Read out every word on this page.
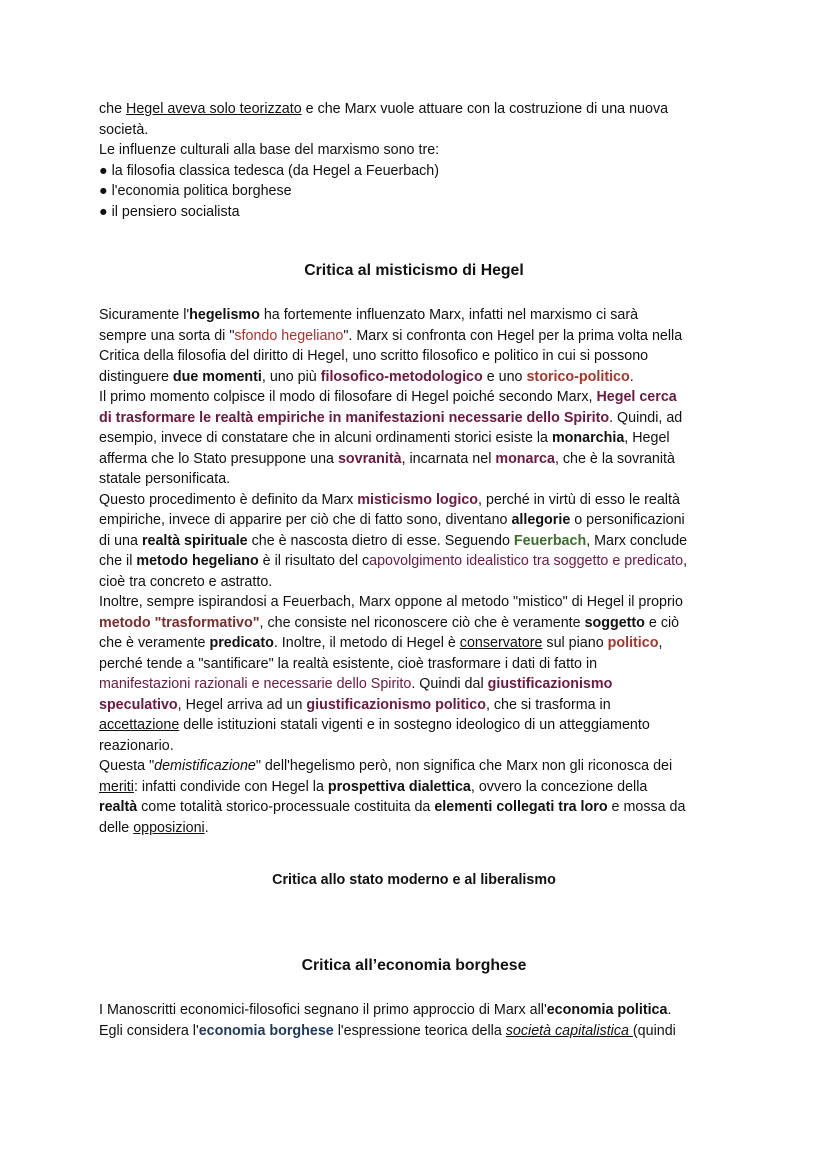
che Hegel aveva solo teorizzato e che Marx vuole attuare con la costruzione di una nuova
società.
Le influenze culturali alla base del marxismo sono tre:
● la filosofia classica tedesca (da Hegel a Feuerbach)
● l'economia politica borghese
● il pensiero socialista
Critica al misticismo di Hegel
Sicuramente l'hegelismo ha fortemente influenzato Marx, infatti nel marxismo ci sarà
sempre una sorta di "sfondo hegeliano". Marx si confronta con Hegel per la prima volta nella
Critica della filosofia del diritto di Hegel, uno scritto filosofico e politico in cui si possono
distinguere due momenti, uno più filosofico-metodologico e uno storico-politico.
Il primo momento colpisce il modo di filosofare di Hegel poiché secondo Marx, Hegel cerca
di trasformare le realtà empiriche in manifestazioni necessarie dello Spirito. Quindi, ad
esempio, invece di constatare che in alcuni ordinamenti storici esiste la monarchia, Hegel
afferma che lo Stato presuppone una sovranità, incarnata nel monarca, che è la sovranità
statale personificata.
Questo procedimento è definito da Marx misticismo logico, perché in virtù di esso le realtà
empiriche, invece di apparire per ciò che di fatto sono, diventano allegorie o personificazioni
di una realtà spirituale che è nascosta dietro di esse. Seguendo Feuerbach, Marx conclude
che il metodo hegeliano è il risultato del capovolgimento idealistico tra soggetto e predicato,
cioè tra concreto e astratto.
Inoltre, sempre ispirandosi a Feuerbach, Marx oppone al metodo "mistico" di Hegel il proprio
metodo "trasformativo", che consiste nel riconoscere ciò che è veramente soggetto e ciò
che è veramente predicato. Inoltre, il metodo di Hegel è conservatore sul piano politico,
perché tende a "santificare" la realtà esistente, cioè trasformare i dati di fatto in
manifestazioni razionali e necessarie dello Spirito. Quindi dal giustificazionismo
speculativo, Hegel arriva ad un giustificazionismo politico, che si trasforma in
accettazione delle istituzioni statali vigenti e in sostegno ideologico di un atteggiamento
reazionario.
Questa "demistificazione" dell'hegelismo però, non significa che Marx non gli riconosca dei
meriti: infatti condivide con Hegel la prospettiva dialettica, ovvero la concezione della
realtà come totalità storico-processuale costituita da elementi collegati tra loro e mossa da
delle opposizioni.
Critica allo stato moderno e al liberalismo
Critica all’economia borghese
I Manoscritti economici-filosofici segnano il primo approccio di Marx all'economia politica.
Egli considera l'economia borghese l'espressione teorica della società capitalistica (quindi
